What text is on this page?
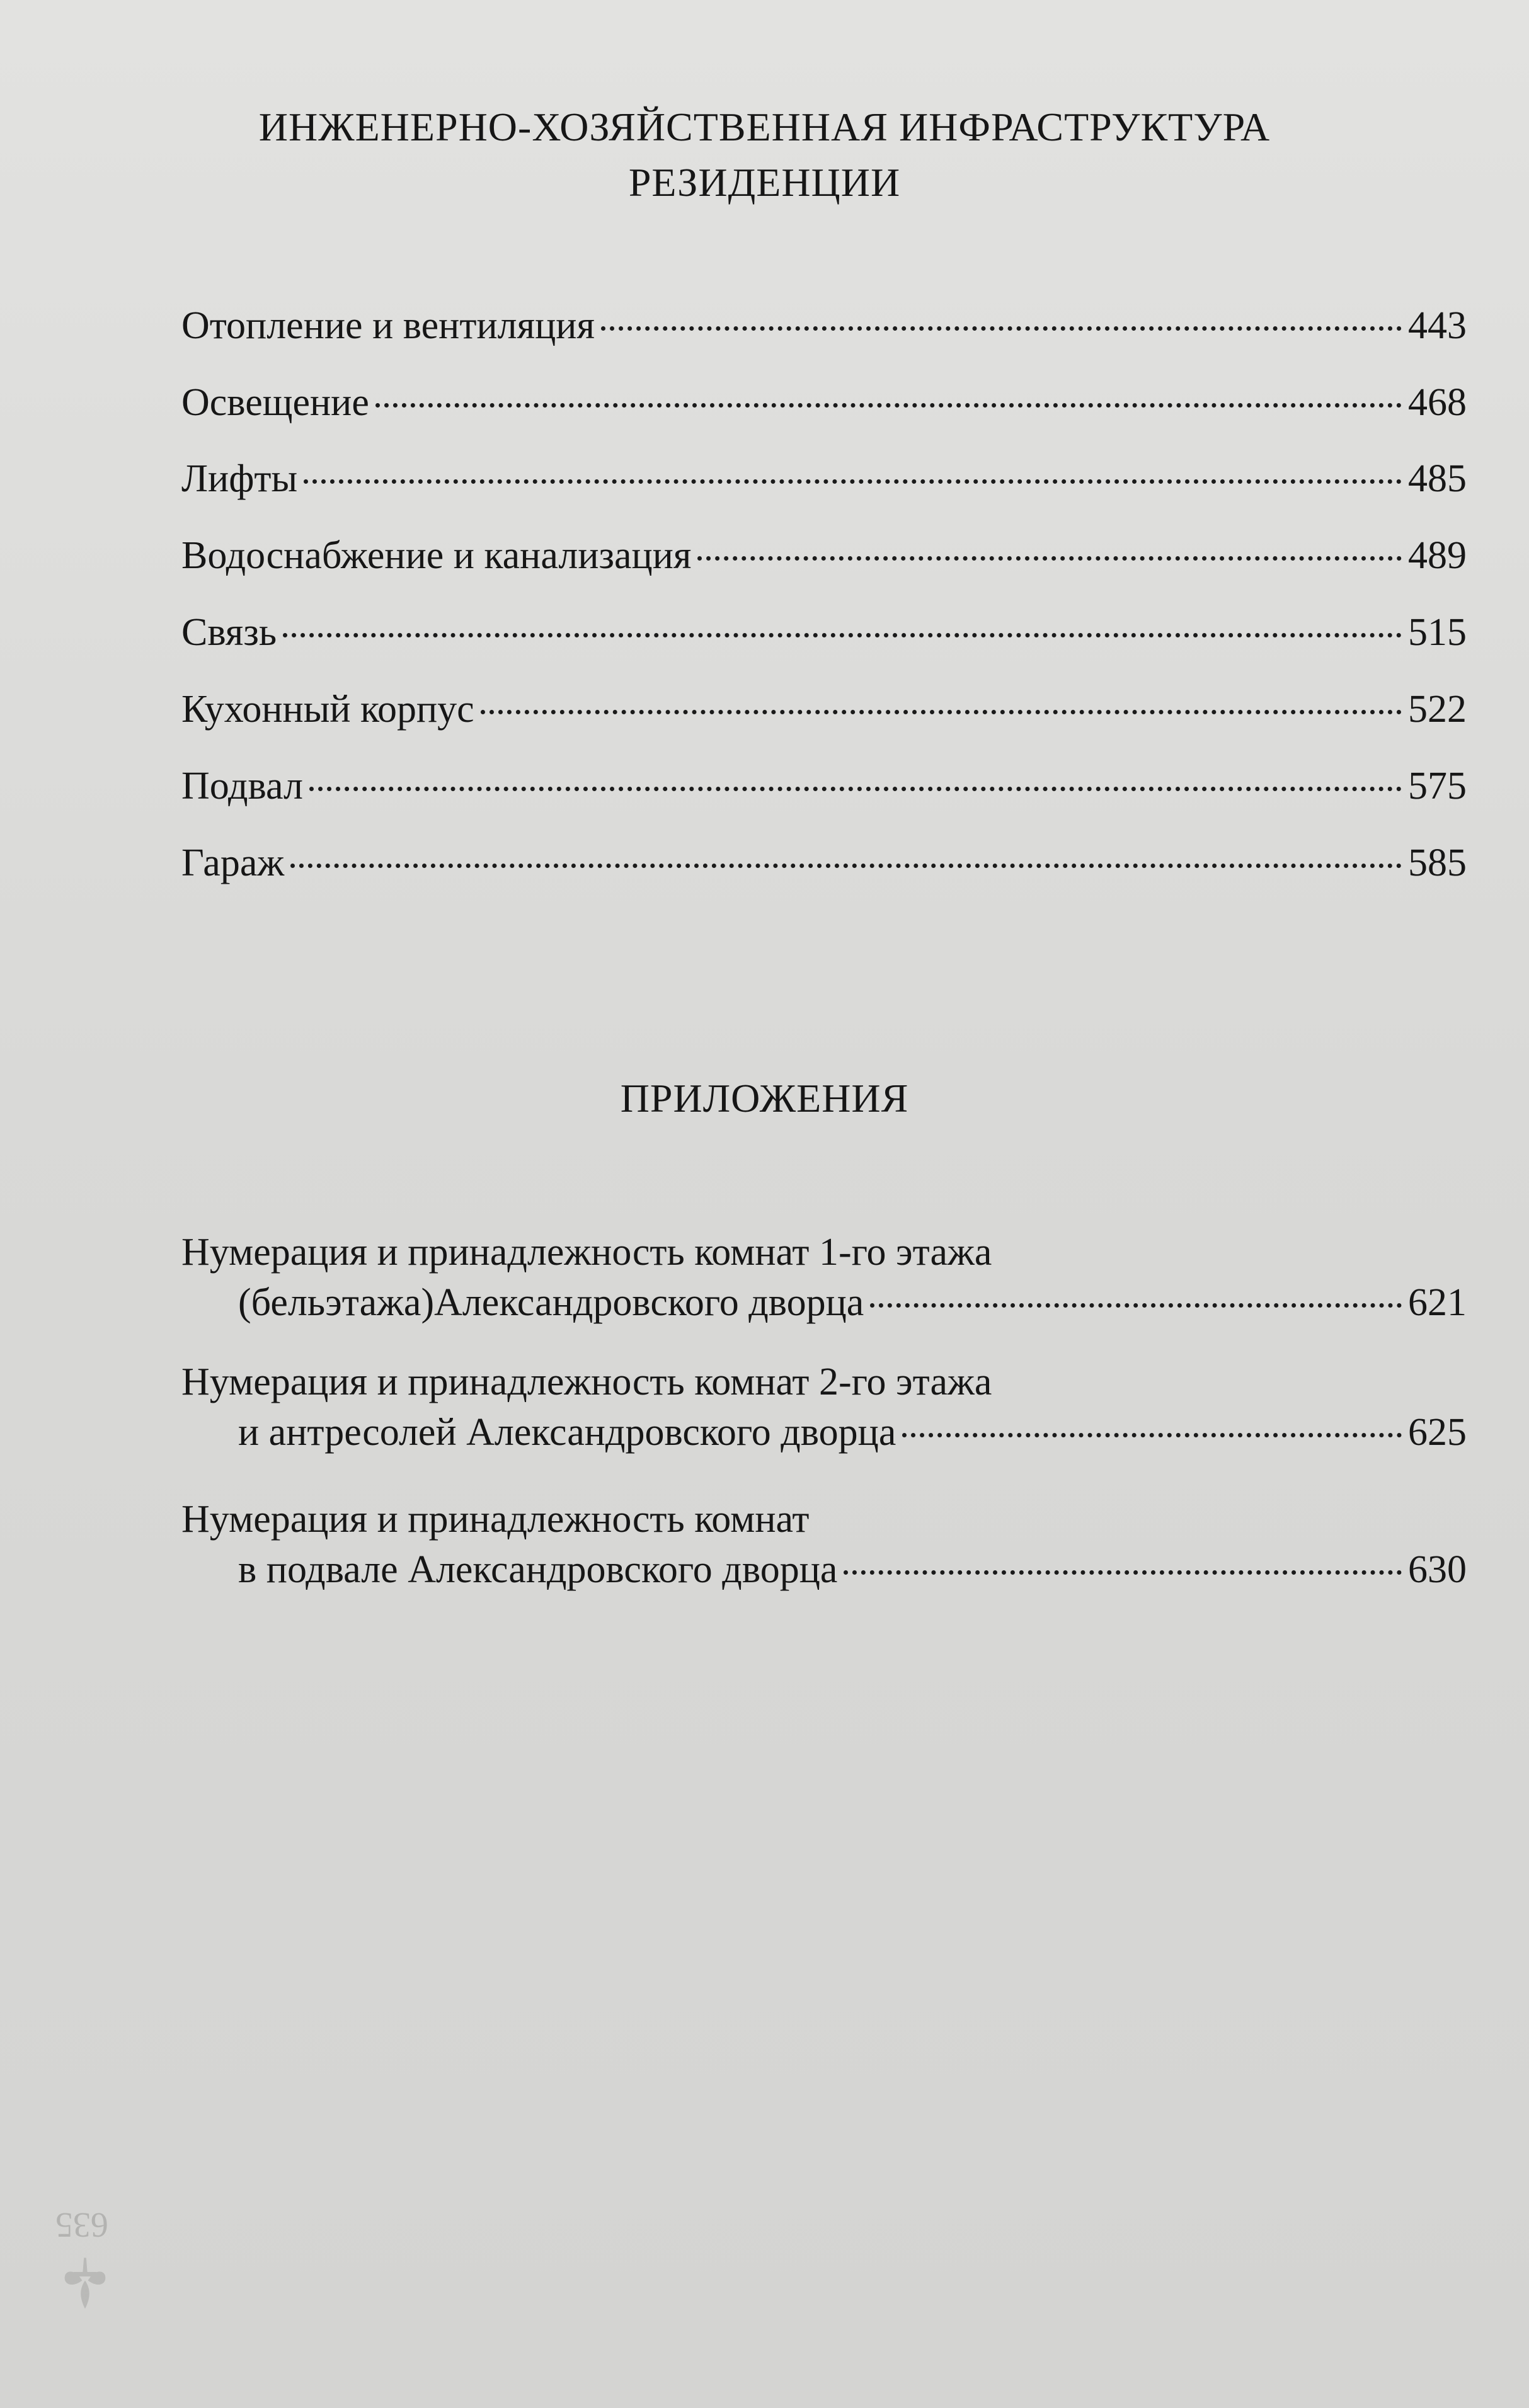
ИНЖЕНЕРНО-ХОЗЯЙСТВЕННАЯ ИНФРАСТРУКТУРА
РЕЗИДЕНЦИИ
Отопление и вентиляция	443
Освещение	468
Лифты	485
Водоснабжение и канализация	489
Связь	515
Кухонный корпус	522
Подвал	575
Гараж	585
ПРИЛОЖЕНИЯ
Нумерация и принадлежность комнат 1-го этажа
(бельэтажа)Александровского дворца	621
Нумерация и принадлежность комнат 2-го этажа
и антресолей Александровского дворца	625
Нумерация и принадлежность комнат
в подвале Александровского дворца	630
635
